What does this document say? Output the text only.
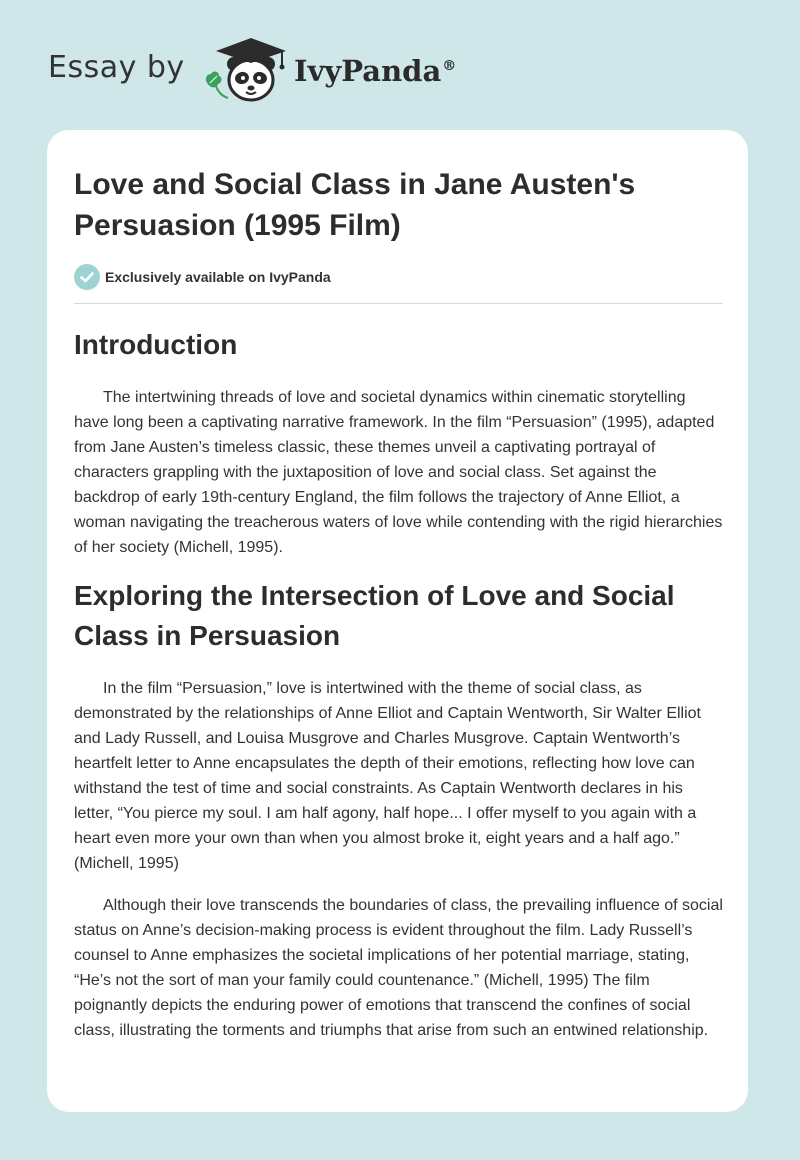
Essay by	IvyPanda®
Love and Social Class in Jane Austen's Persuasion (1995 Film)
Exclusively available on IvyPanda
Introduction

The intertwining threads of love and societal dynamics within cinematic storytelling have long been a captivating narrative framework. In the film “Persuasion” (1995), adapted from Jane Austen’s timeless classic, these themes unveil a captivating portrayal of characters grappling with the juxtaposition of love and social class. Set against the backdrop of early 19th-century England, the film follows the trajectory of Anne Elliot, a woman navigating the treacherous waters of love while contending with the rigid hierarchies of her society (Michell, 1995).

Exploring the Intersection of Love and Social Class in Persuasion

In the film “Persuasion,” love is intertwined with the theme of social class, as demonstrated by the relationships of Anne Elliot and Captain Wentworth, Sir Walter Elliot and Lady Russell, and Louisa Musgrove and Charles Musgrove. Captain Wentworth’s heartfelt letter to Anne encapsulates the depth of their emotions, reflecting how love can withstand the test of time and social constraints. As Captain Wentworth declares in his letter, “You pierce my soul. I am half agony, half hope... I offer myself to you again with a heart even more your own than when you almost broke it, eight years and a half ago.” (Michell, 1995)

Although their love transcends the boundaries of class, the prevailing influence of social status on Anne’s decision-making process is evident throughout the film. Lady Russell’s counsel to Anne emphasizes the societal implications of her potential marriage, stating, “He’s not the sort of man your family could countenance.” (Michell, 1995) The film poignantly depicts the enduring power of emotions that transcend the confines of social class, illustrating the torments and triumphs that arise from such an entwined relationship.
